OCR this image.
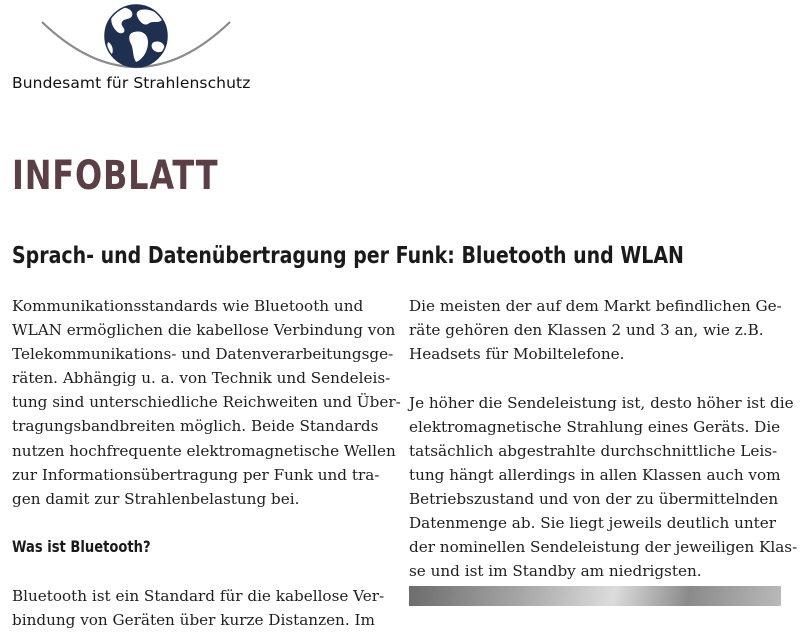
Bundesamt für Strahlenschutz
INFOBLATT
Sprach- und Datenübertragung per Funk: Bluetooth und WLAN

Kommunikationsstandards wie Bluetooth und
WLAN ermöglichen die kabellose Verbindung von
Telekommunikations- und Datenverarbeitungsge-
räten. Abhängig u. a. von Technik und Sendeleis-
tung sind unterschiedliche Reichweiten und Über-
tragungsbandbreiten möglich. Beide Standards
nutzen hochfrequente elektromagnetische Wellen
zur Informationsübertragung per Funk und tra-
gen damit zur Strahlenbelastung bei.

Was ist Bluetooth?

Bluetooth ist ein Standard für die kabellose Ver-
bindung von Geräten über kurze Distanzen. Im

Die meisten der auf dem Markt befindlichen Ge-
räte gehören den Klassen 2 und 3 an, wie z.B.
Headsets für Mobiltelefone.

Je höher die Sendeleistung ist, desto höher ist die
elektromagnetische Strahlung eines Geräts. Die
tatsächlich abgestrahlte durchschnittliche Leis-
tung hängt allerdings in allen Klassen auch vom
Betriebszustand und von der zu übermittelnden
Datenmenge ab. Sie liegt jeweils deutlich unter
der nominellen Sendeleistung der jeweiligen Klas-
se und ist im Standby am niedrigsten.
